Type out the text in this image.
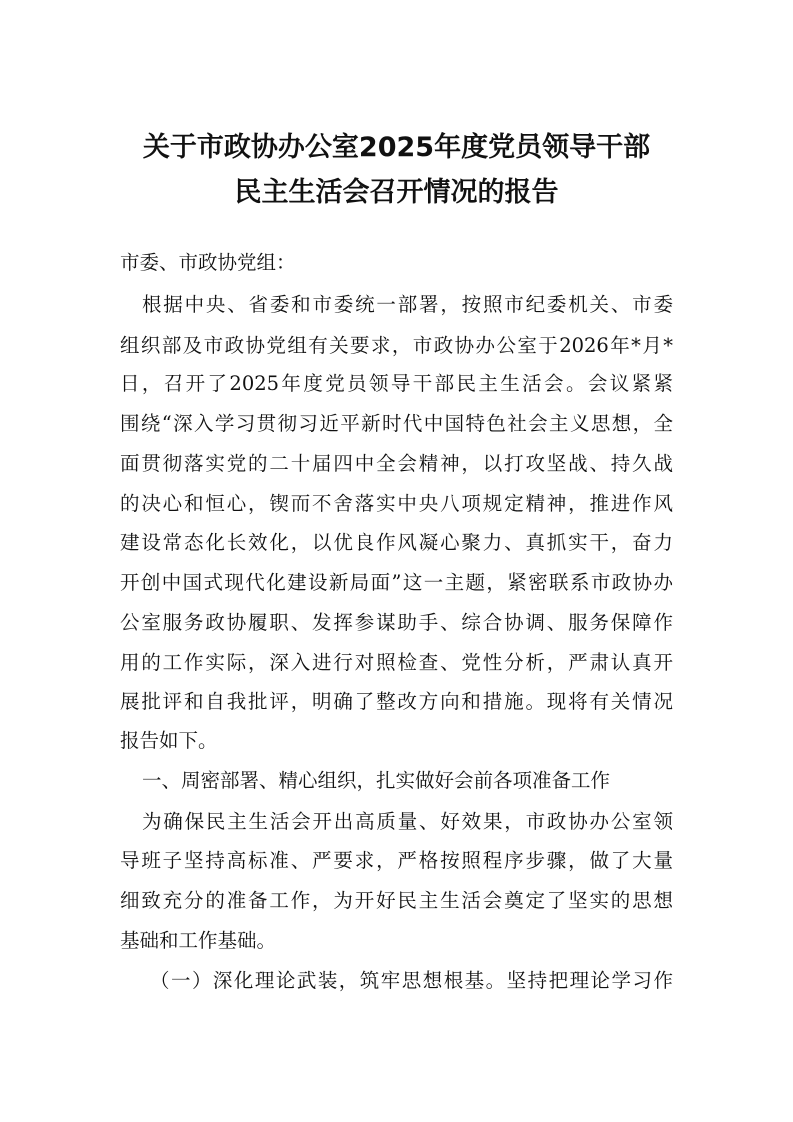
关于市政协办公室2025年度党员领导干部
民主生活会召开情况的报告
市委、市政协党组：
根据中央、省委和市委统一部署，按照市纪委机关、市委
组织部及市政协党组有关要求，市政协办公室于2026年*月*
日，召开了2025年度党员领导干部民主生活会。会议紧紧
围绕“深入学习贯彻习近平新时代中国特色社会主义思想，全
面贯彻落实党的二十届四中全会精神，以打攻坚战、持久战
的决心和恒心，锲而不舍落实中央八项规定精神，推进作风
建设常态化长效化，以优良作风凝心聚力、真抓实干，奋力
开创中国式现代化建设新局面”这一主题，紧密联系市政协办
公室服务政协履职、发挥参谋助手、综合协调、服务保障作
用的工作实际，深入进行对照检查、党性分析，严肃认真开
展批评和自我批评，明确了整改方向和措施。现将有关情况
报告如下。
一、周密部署、精心组织，扎实做好会前各项准备工作
为确保民主生活会开出高质量、好效果，市政协办公室领
导班子坚持高标准、严要求，严格按照程序步骤，做了大量
细致充分的准备工作，为开好民主生活会奠定了坚实的思想
基础和工作基础。
（一）深化理论武装，筑牢思想根基。坚持把理论学习作
